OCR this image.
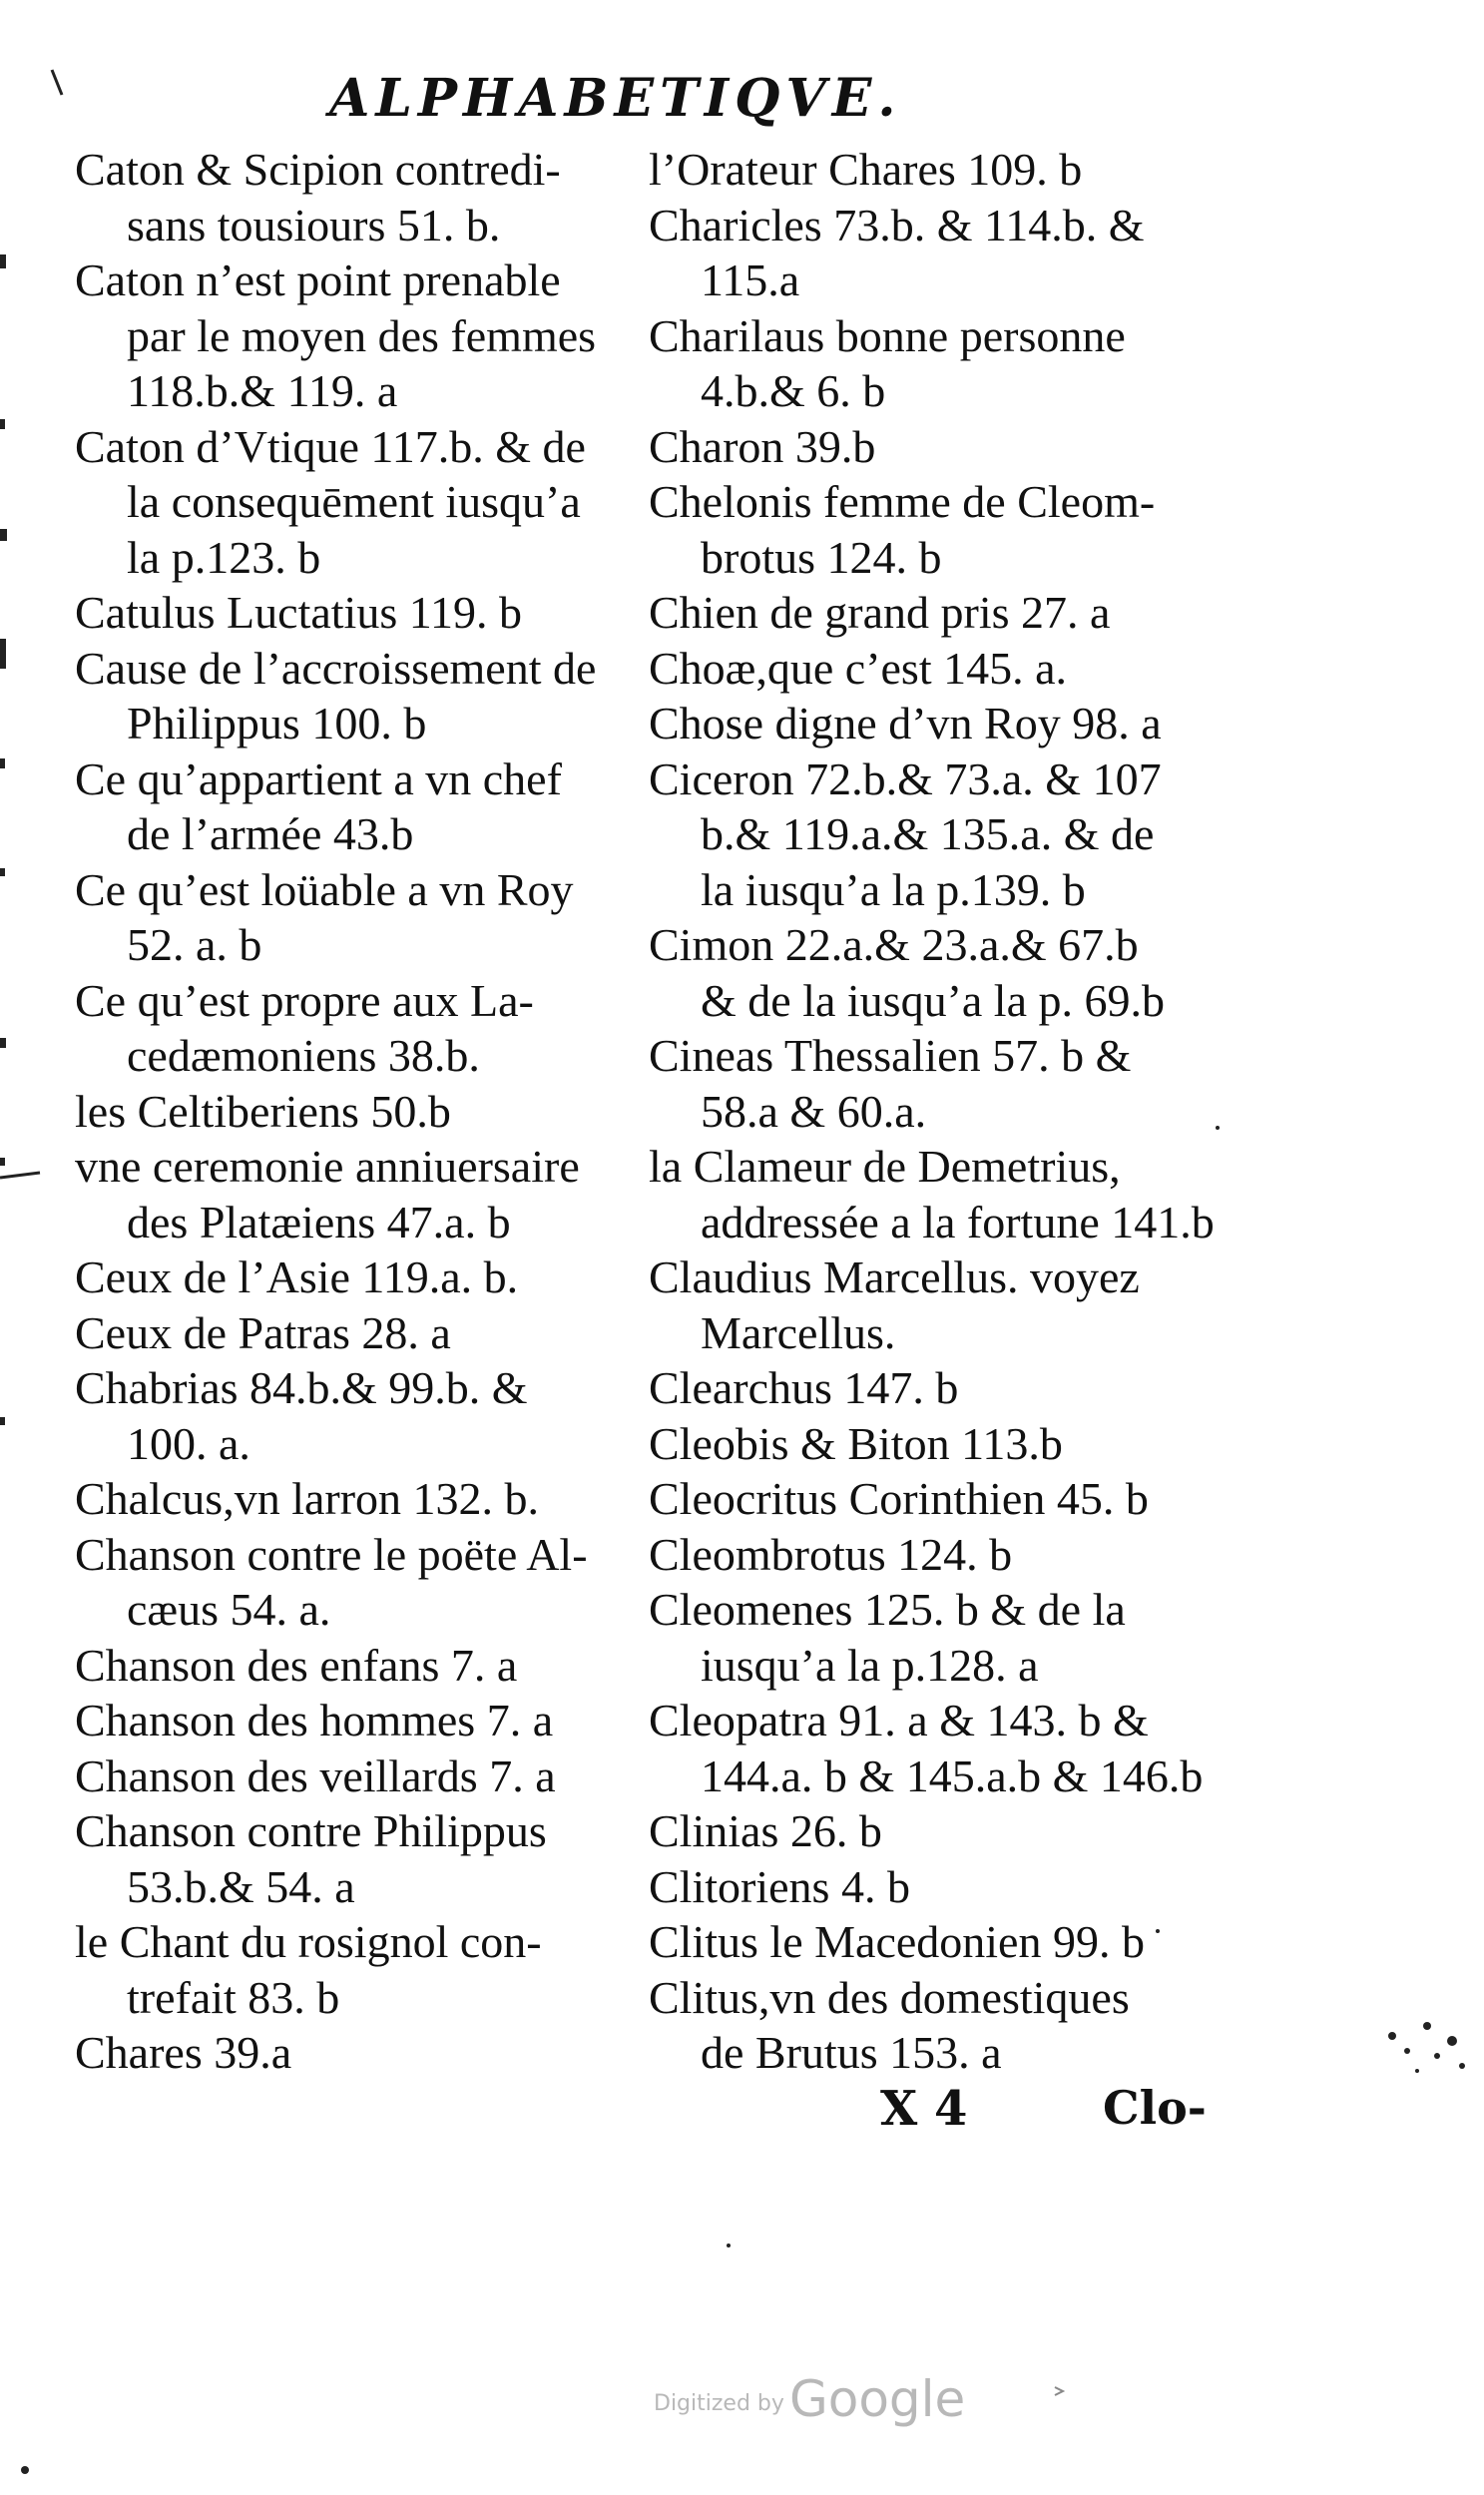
ALPHABETIQVE.
Caton & Scipion contredi-
sans tousiours 51. b.
Caton n’est point prenable
par le moyen des femmes
118.b.& 119. a
Caton d’Vtique 117.b. & de
la consequēment iusqu’a
la p.123. b
Catulus Luctatius 119. b
Cause de l’accroissement de
Philippus 100. b
Ce qu’appartient a vn chef
de l’armée 43.b
Ce qu’est loüable a vn Roy
52. a. b
Ce qu’est propre aux La-
cedæmoniens 38.b.
les Celtiberiens 50.b
vne ceremonie anniuersaire
des Platæiens 47.a. b
Ceux de l’Asie 119.a. b.
Ceux de Patras 28. a
Chabrias 84.b.& 99.b. &
100. a.
Chalcus,vn larron 132. b.
Chanson contre le poëte Al-
cæus 54. a.
Chanson des enfans 7. a
Chanson des hommes 7. a
Chanson des veillards 7. a
Chanson contre Philippus
53.b.& 54. a
le Chant du rosignol con-
trefait 83. b
Chares 39.a
l’Orateur Chares 109. b
Charicles 73.b. & 114.b. &
115.a
Charilaus bonne personne
4.b.& 6. b
Charon 39.b
Chelonis femme de Cleom-
brotus 124. b
Chien de grand pris 27. a
Choæ,que c’est 145. a.
Chose digne d’vn Roy 98. a
Ciceron 72.b.& 73.a. & 107
b.& 119.a.& 135.a. & de
la iusqu’a la p.139. b
Cimon 22.a.& 23.a.& 67.b
& de la iusqu’a la p. 69.b
Cineas Thessalien 57. b &
58.a & 60.a.
la Clameur de Demetrius,
addressée a la fortune 141.b
Claudius Marcellus. voyez
Marcellus.
Clearchus 147. b
Cleobis & Biton 113.b
Cleocritus Corinthien 45. b
Cleombrotus 124. b
Cleomenes 125. b & de la
iusqu’a la p.128. a
Cleopatra 91. a & 143. b &
144.a. b & 145.a.b & 146.b
Clinias 26. b
Clitoriens 4. b
Clitus le Macedonien 99. b
Clitus,vn des domestiques
de Brutus 153. a
X 4	Clo-
Digitized by Google
